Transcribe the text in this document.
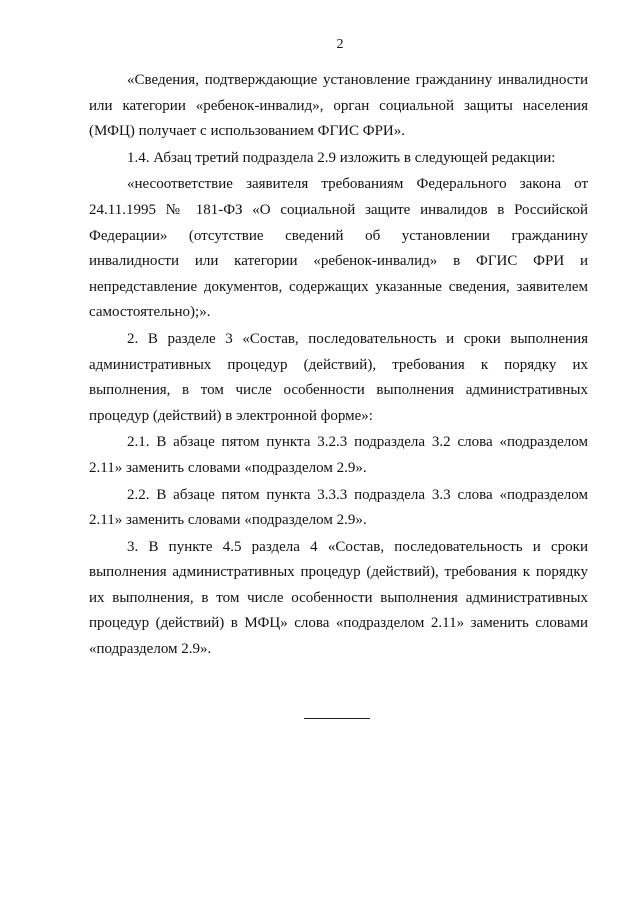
2

«Сведения, подтверждающие установление гражданину инвалидности или категории «ребенок-инвалид», орган социальной защиты населения (МФЦ) получает с использованием ФГИС ФРИ».

1.4. Абзац третий подраздела 2.9 изложить в следующей редакции:

«несоответствие заявителя требованиям Федерального закона от 24.11.1995 № 181-ФЗ «О социальной защите инвалидов в Российской Федерации» (отсутствие сведений об установлении гражданину инвалидности или категории «ребенок-инвалид» в ФГИС ФРИ и непредставление документов, содержащих указанные сведения, заявителем самостоятельно);».

2. В разделе 3 «Состав, последовательность и сроки выполнения административных процедур (действий), требования к порядку их выполнения, в том числе особенности выполнения административных процедур (действий) в электронной форме»:

2.1. В абзаце пятом пункта 3.2.3 подраздела 3.2 слова «подразделом 2.11» заменить словами «подразделом 2.9».

2.2. В абзаце пятом пункта 3.3.3 подраздела 3.3 слова «подразделом 2.11» заменить словами «подразделом 2.9».

3. В пункте 4.5 раздела 4 «Состав, последовательность и сроки выполнения административных процедур (действий), требования к порядку их выполнения, в том числе особенности выполнения административных процедур (действий) в МФЦ» слова «подразделом 2.11» заменить словами «подразделом 2.9».
